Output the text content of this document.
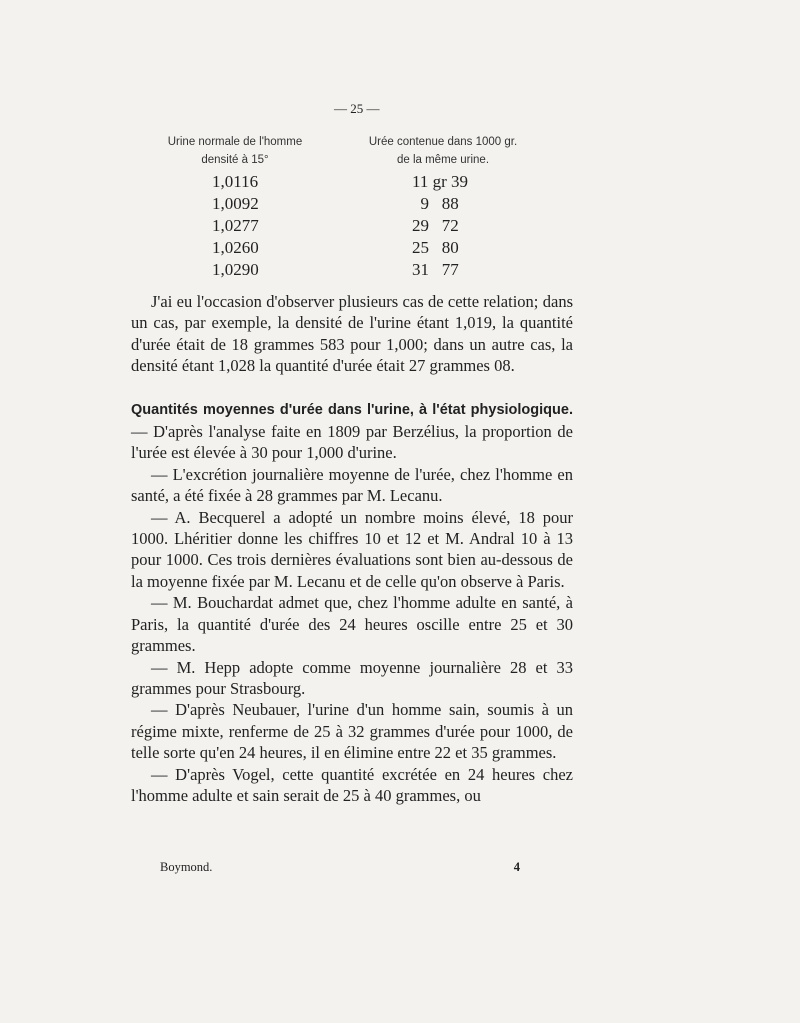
— 25 —
Urine normale de l'homme
densité à 15°
Urée contenue dans 1000 gr.
de la même urine.
1,0116	11 gr 39
1,0092	9   88
1,0277	29   72
1,0260	25   80
1,0290	31   77

J'ai eu l'occasion d'observer plusieurs cas de cette relation; dans un cas, par exemple, la densité de l'urine étant 1,019, la quantité d'urée était de 18 grammes 583 pour 1,000; dans un autre cas, la densité étant 1,028 la quantité d'urée était 27 grammes 08.

Quantités moyennes d'urée dans l'urine, à l'état physiologique. — D'après l'analyse faite en 1809 par Berzélius, la proportion de l'urée est élevée à 30 pour 1,000 d'urine.

— L'excrétion journalière moyenne de l'urée, chez l'homme en santé, a été fixée à 28 grammes par M. Lecanu.

— A. Becquerel a adopté un nombre moins élevé, 18 pour 1000. Lhéritier donne les chiffres 10 et 12 et M. Andral 10 à 13 pour 1000. Ces trois dernières évaluations sont bien au-dessous de la moyenne fixée par M. Lecanu et de celle qu'on observe à Paris.

— M. Bouchardat admet que, chez l'homme adulte en santé, à Paris, la quantité d'urée des 24 heures oscille entre 25 et 30 grammes.

— M. Hepp adopte comme moyenne journalière 28 et 33 grammes pour Strasbourg.

— D'après Neubauer, l'urine d'un homme sain, soumis à un régime mixte, renferme de 25 à 32 grammes d'urée pour 1000, de telle sorte qu'en 24 heures, il en élimine entre 22 et 35 grammes.

— D'après Vogel, cette quantité excrétée en 24 heures chez l'homme adulte et sain serait de 25 à 40 grammes, ou

Boymond.	4
